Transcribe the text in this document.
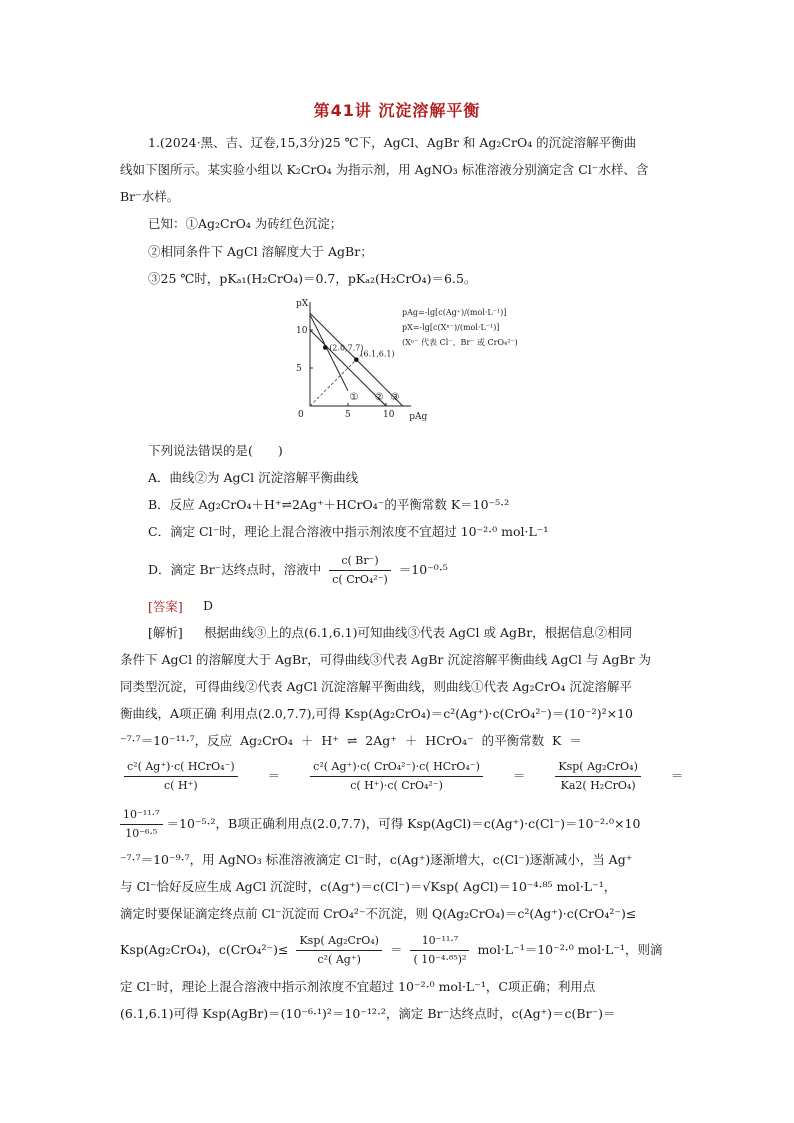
第41讲 沉淀溶解平衡
1.(2024·黑、吉、辽卷,15,3分)25 ℃下，AgCl、AgBr 和 Ag₂CrO₄ 的沉淀溶解平衡曲
线如下图所示。某实验小组以 K₂CrO₄ 为指示剂，用 AgNO₃ 标准溶液分别滴定含 Cl⁻水样、含
Br⁻水样。
已知：①Ag₂CrO₄ 为砖红色沉淀；
②相同条件下 AgCl 溶解度大于 AgBr；
③25 ℃时，pKₐ₁(H₂CrO₄)＝0.7，pKₐ₂(H₂CrO₄)＝6.5。
pX
pAg
0	5	10
5
10
① ② ③
(2.0,7.7)
(6.1,6.1)
pAg=-lg[c(Ag⁺)/(mol·L⁻¹)]
pX=-lg[c(Xⁿ⁻)/(mol·L⁻¹)]
(Xⁿ⁻ 代表 Cl⁻、Br⁻ 或 CrO₄²⁻)
下列说法错误的是(　　)
A．曲线②为 AgCl 沉淀溶解平衡曲线
B．反应 Ag₂CrO₄＋H⁺⇌2Ag⁺＋HCrO₄⁻的平衡常数 K＝10⁻⁵·²
C．滴定 Cl⁻时，理论上混合溶液中指示剂浓度不宜超过 10⁻²·⁰ mol·L⁻¹
D．滴定 Br⁻达终点时，溶液中 $\frac{c( Br^-)}{\text{c( CrO₄²⁻)}} =10^{-0}\cdot^5$
[答案] D
[解析] 根据曲线③上的点(6.1,6.1)可知曲线③代表 AgCl 或 AgBr，根据信息②相同
条件下 AgCl 的溶解度大于 AgBr，可得曲线③代表 AgBr 沉淀溶解平衡曲线 AgCl 与 AgBr 为
同类型沉淀，可得曲线②代表 AgCl 沉淀溶解平衡曲线，则曲线①代表 Ag₂CrO₄ 沉淀溶解平
衡曲线，A项正确 利用点(2.0,7.7),可得 Ksp(Ag₂CrO₄)＝c²(Ag⁺)·c(CrO₄²⁻)＝(10⁻²)²×10
⁻⁷·⁷＝10⁻¹¹·⁷，反应 Ag₂CrO₄ ＋ H⁺ ⇌ 2Ag⁺ ＋ HCrO₄⁻ 的平衡常数 K ＝
$\frac{\text{c²( Ag⁺)·c( HCrO₄⁻)}}{c( H^+)}$ ＝	$\frac{\text{c²( Ag⁺)·c( CrO₄²⁻)·c( HCrO₄⁻)}}{\text{c( H⁺)·c( CrO₄²⁻)}}$ ＝	$\frac{\text{Ksp( Ag₂CrO₄)}}{\text{Ka2( H₂CrO₄)}}$ ＝
$\frac{\text{10⁻¹¹·⁷}}{\text{10⁻⁶·⁵}} =10^{-5}\cdot^2$，B项正确利用点(2.0,7.7)，可得 Ksp(AgCl)＝c(Ag⁺)·c(Cl⁻)＝10⁻²·⁰×10
⁻⁷·⁷＝10⁻⁹·⁷，用 AgNO₃ 标准溶液滴定 Cl⁻时，c(Ag⁺)逐渐增大，c(Cl⁻)逐渐减小，当 Ag⁺
与 Cl⁻恰好反应生成 AgCl 沉淀时，c(Ag⁺)＝c(Cl⁻)＝√Ksp( AgCl)＝10⁻⁴·⁸⁵ mol·L⁻¹，
滴定时要保证滴定终点前 Cl⁻沉淀而 CrO₄²⁻不沉淀，则 Q(Ag₂CrO₄)＝c²(Ag⁺)·c(CrO₄²⁻)≤
Ksp(Ag₂CrO₄)，$c(CrO_4^{2-})\le \frac{\text{Ksp( Ag₂CrO₄)}}{\text{c²( Ag⁺)}} = \frac{\text{10⁻¹¹·⁷}}{\text{( 10⁻⁴·⁸⁵)²}} mol\cdot L^{-1}=10^{-2}\cdot^0$ mol·L⁻¹，则滴
定 Cl⁻时，理论上混合溶液中指示剂浓度不宜超过 10⁻²·⁰ mol·L⁻¹，C项正确；利用点
(6.1,6.1)可得 Ksp(AgBr)＝(10⁻⁶·¹)²＝10⁻¹²·²，滴定 Br⁻达终点时，c(Ag⁺)＝c(Br⁻)＝
